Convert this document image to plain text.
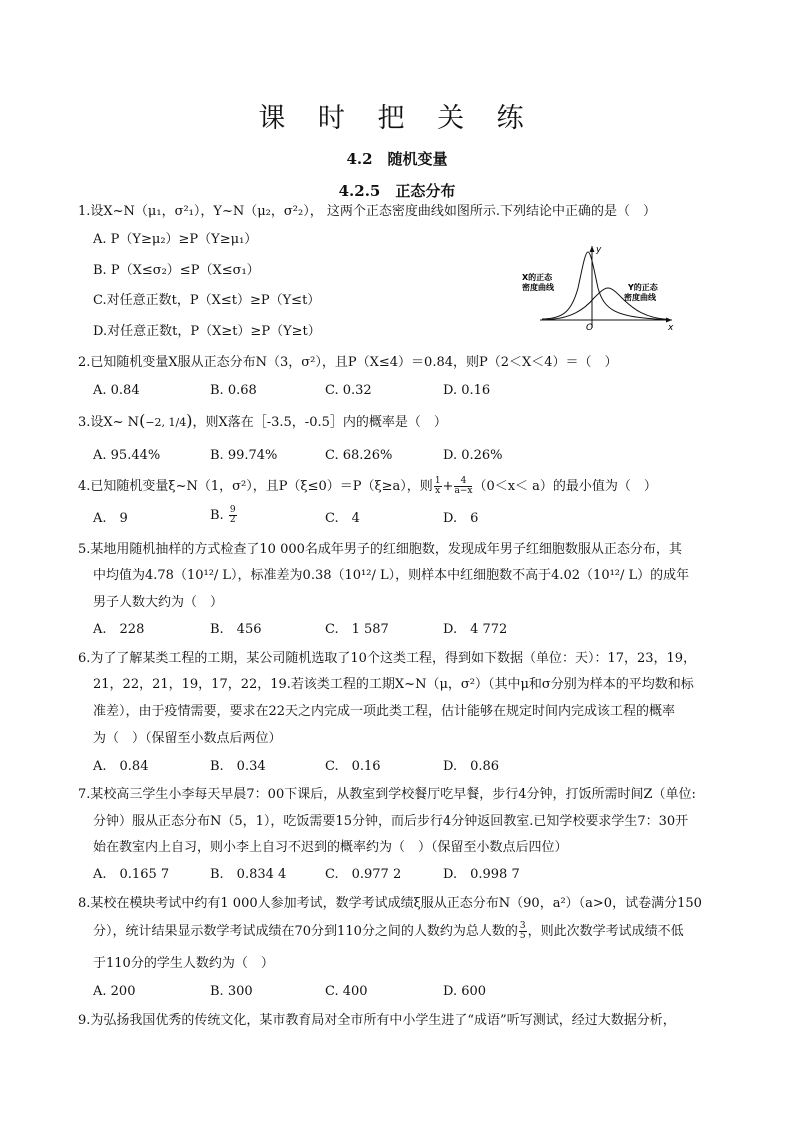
课 时 把 关 练
4.2　随机变量
4.2.5　正态分布
1.设X~N（μ₁，σ²₁），Y~N（μ₂，σ²₂）， 这两个正态密度曲线如图所示.下列结论中正确的是（　）
A. P（Y≥μ₂）≥P（Y≥μ₁）
B. P（X≤σ₂）≤P（X≤σ₁）
C.对任意正数t，P（X≤t）≥P（Y≤t）
D.对任意正数t，P（X≥t）≥P（Y≥t）
y
x
O
X的正态
密度曲线	Y的正态
密度曲线
2.已知随机变量X服从正态分布N（3，σ²），且P（X≤4）＝0.84，则P（2＜X＜4）＝（　）
A. 0.84	B. 0.68	C. 0.32	D. 0.16
3.设X~ N(−2, 1/4)，则X落在［-3.5，-0.5］内的概率是（　）
A. 95.44%	B. 99.74%	C. 68.26%	D. 0.26%
4.已知随机变量ξ~N（1，σ²），且P（ξ≤0）＝P（ξ≥a），则 $\frac{1}{x} + \frac{4}{a-x} (0<x< a)$的最小值为（　）
A.　9	B. $\frac{9}{2}$	C.　4	D.　6
5.某地用随机抽样的方式检查了10 000名成年男子的红细胞数，发现成年男子红细胞数服从正态分布，其
中均值为4.78（10¹²/ L），标准差为0.38（10¹²/ L），则样本中红细胞数不高于4.02（10¹²/ L）的成年
男子人数大约为（　）
A.　228	B.　456	C.　1 587	D.　4 772
6.为了了解某类工程的工期，某公司随机选取了10个这类工程，得到如下数据（单位：天）：17，23，19，
21，22，21，19，17，22，19.若该类工程的工期X~N（μ，σ²）（其中μ和σ分别为样本的平均数和标
准差），由于疫情需要，要求在22天之内完成一项此类工程，估计能够在规定时间内完成该工程的概率
为（　）（保留至小数点后两位）
A.　0.84	B.　0.34	C.　0.16	D.　0.86
7.某校高三学生小李每天早晨7：00下课后，从教室到学校餐厅吃早餐，步行4分钟，打饭所需时间Z（单位:
分钟）服从正态分布N（5，1），吃饭需要15分钟，而后步行4分钟返回教室.已知学校要求学生7：30开
始在教室内上自习，则小李上自习不迟到的概率约为（　）（保留至小数点后四位）
A.　0.165 7	B.　0.834 4	C.　0.977 2	D.　0.998 7
8.某校在模块考试中约有1 000人参加考试，数学考试成绩ξ服从正态分布N（90，a²）（a>0，试卷满分150
分），统计结果显示数学考试成绩在70分到110分之间的人数约为总人数的 $\frac{3}{5}$ ，则此次数学考试成绩不低
于110分的学生人数约为（　）
A. 200	B. 300	C. 400	D. 600
9.为弘扬我国优秀的传统文化，某市教育局对全市所有中小学生进了“成语”听写测试，经过大数据分析，
